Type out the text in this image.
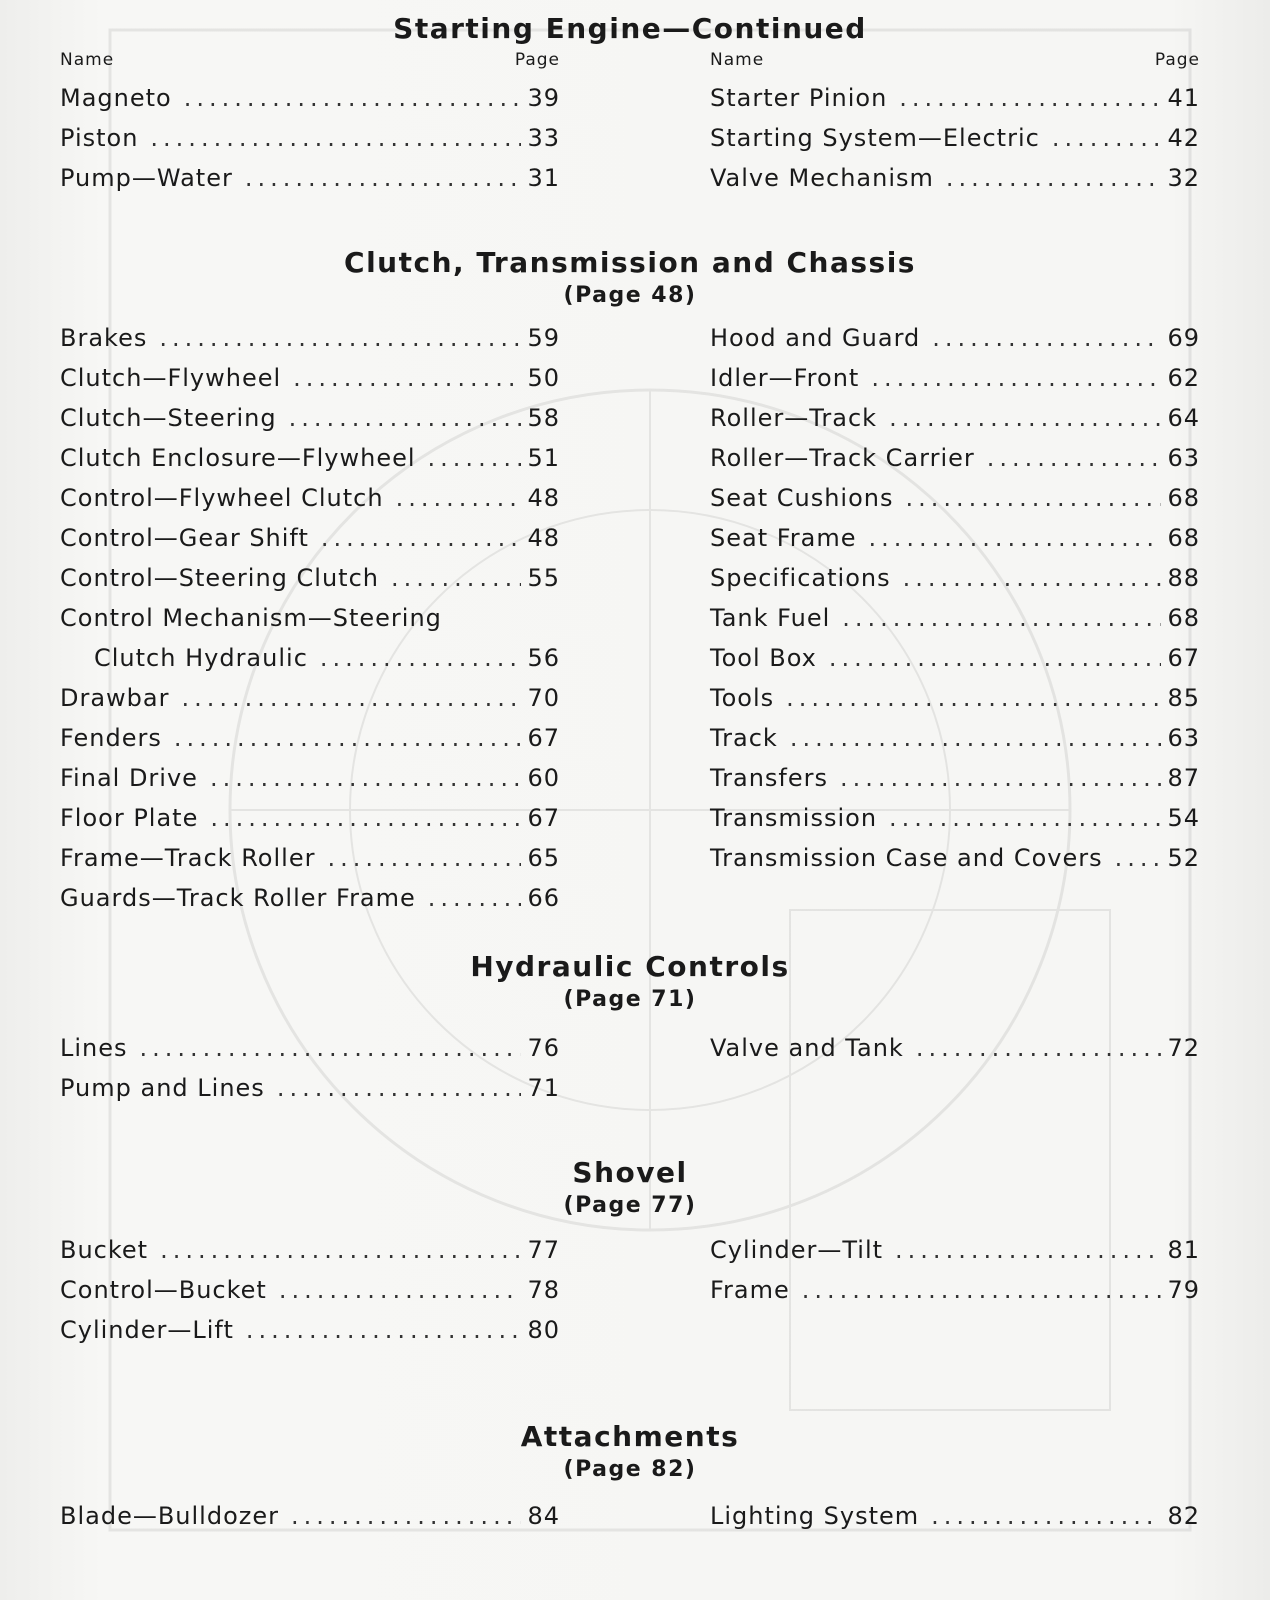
Starting Engine—Continued
Name	Page
Magneto .....	39
Piston .....	33
Pump—Water .....	31
Name	Page
Starter Pinion .....	41
Starting System—Electric .....	42
Valve Mechanism .....	32
Clutch, Transmission and Chassis

(Page 48)

Brakes .....	59
Clutch—Flywheel .....	50
Clutch—Steering .....	58
Clutch Enclosure—Flywheel .....	51
Control—Flywheel Clutch .....	48
Control—Gear Shift .....	48
Control—Steering Clutch .....	55
Control Mechanism—Steering
Clutch Hydraulic .....	56
Drawbar .....	70
Fenders .....	67
Final Drive .....	60
Floor Plate .....	67
Frame—Track Roller .....	65
Guards—Track Roller Frame .....	66
Hood and Guard .....	69
Idler—Front .....	62
Roller—Track .....	64
Roller—Track Carrier .....	63
Seat Cushions .....	68
Seat Frame .....	68
Specifications .....	88
Tank Fuel .....	68
Tool Box .....	67
Tools .....	85
Track .....	63
Transfers .....	87
Transmission .....	54
Transmission Case and Covers .....	52
Hydraulic Controls

(Page 71)

Lines .....	76
Pump and Lines .....	71
Valve and Tank .....	72
Shovel

(Page 77)

Bucket .....	77
Control—Bucket .....	78
Cylinder—Lift .....	80
Cylinder—Tilt .....	81
Frame .....	79
Attachments

(Page 82)

Blade—Bulldozer .....	84	Lighting System .....	82
